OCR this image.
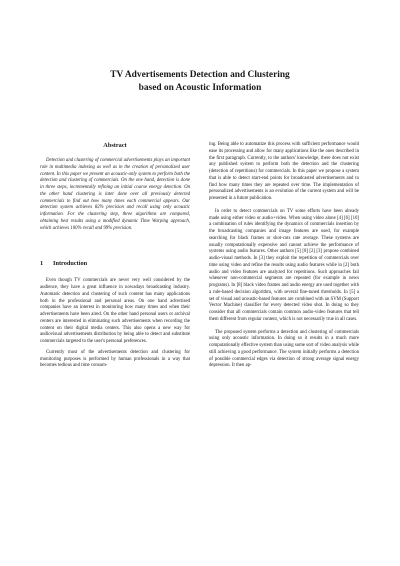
TV Advertisements Detection and Clustering
based on Acoustic Information
Abstract

Detection and clustering of commercial advertisements plays an important role in multimedia indexing as well as in the creation of personalized user content. In this paper we present an acoustic-only system to perform both the detection and clustering of commercials. On the one hand, detection is done in three steps, incrementally refining an initial coarse energy detection. On the other hand clustering is later done over all previously detected commercials to find out how many times each commercial appears. Our detection system achieves 82% precision and recall using only acoustic information. For the clustering step, three algorithms are compared, obtaining best results using a modified dynamic Time Warping approach, which achieves 100% recall and 99% precision.

1 Introduction

Even though TV commercials are never very well considered by the audience, they have a great influence in nowadays broadcasting industry. Automatic detection and clustering of such content has many applications both in the professional and personal areas. On one hand advertised companies have an interest in monitoring how many times and when their advertisements have been aired. On the other hand personal users or archival centers are interested in eliminating such advertisements when recording the content on their digital media centers. This also opens a new way for audiovisual advertisements distribution by being able to detect and substitute commercials targeted to the user's personal preferences.

Currently most of the advertisements detection and clustering for monitoring purposes is performed by human professionals in a way that becomes tedious and time consum-

ing. Being able to automatize this process with sufficient performance would ease its processing and allow for many applications like the ones described in the first paragraph. Currently, to the authors' knowledge, there does not exist any published system to perform both the detection and the clustering (detection of repetitions) for commercials. In this paper we propose a system that is able to detect start-end points for broadcasted advertisements and to find how many times they are repeated over time. The implementation of personalized advertisements is an evolution of the current system and will be presented in a future publication.

In order to detect commercials on TV some efforts have been already made using either video or audio+video. When using video alone [4] [6] [10] a combination of rules identifying the dynamics of commercials insertion by the broadcasting companies and image features are used, for example searching for black frames or shot-cuts rate average. These systems are usually computationally expensive and cannot achieve the performance of systems using audio features. Other authors [5] [8] [2] [3] propose combined audio-visual methods. In [3] they exploit the repetition of commercials over time using video and refine the results using audio features while in [2] both audio and video features are analyzed for repetitions. Such approaches fail whenever non-commercial segments are repeated (for example in news programs). In [8] black video frames and audio energy are used together with a rule-based decision algorithm, with several fine-tuned thresholds. In [5] a set of visual and acoustic-based features are combined with an SVM (Support Vector Machine) classifier for every detected video shot. In doing so they consider that all commercials contain common audio-video features that tell them different from regular content, which is not necessarily true in all cases.

The proposed system performs a detection and clustering of commercials using only acoustic information. In doing so it results in a much more computationally effective system than using some sort of video analysis while still achieving a good performance. The system initially performs a detection of possible commercial edges via detection of strong average signal energy depression. It then ap-
